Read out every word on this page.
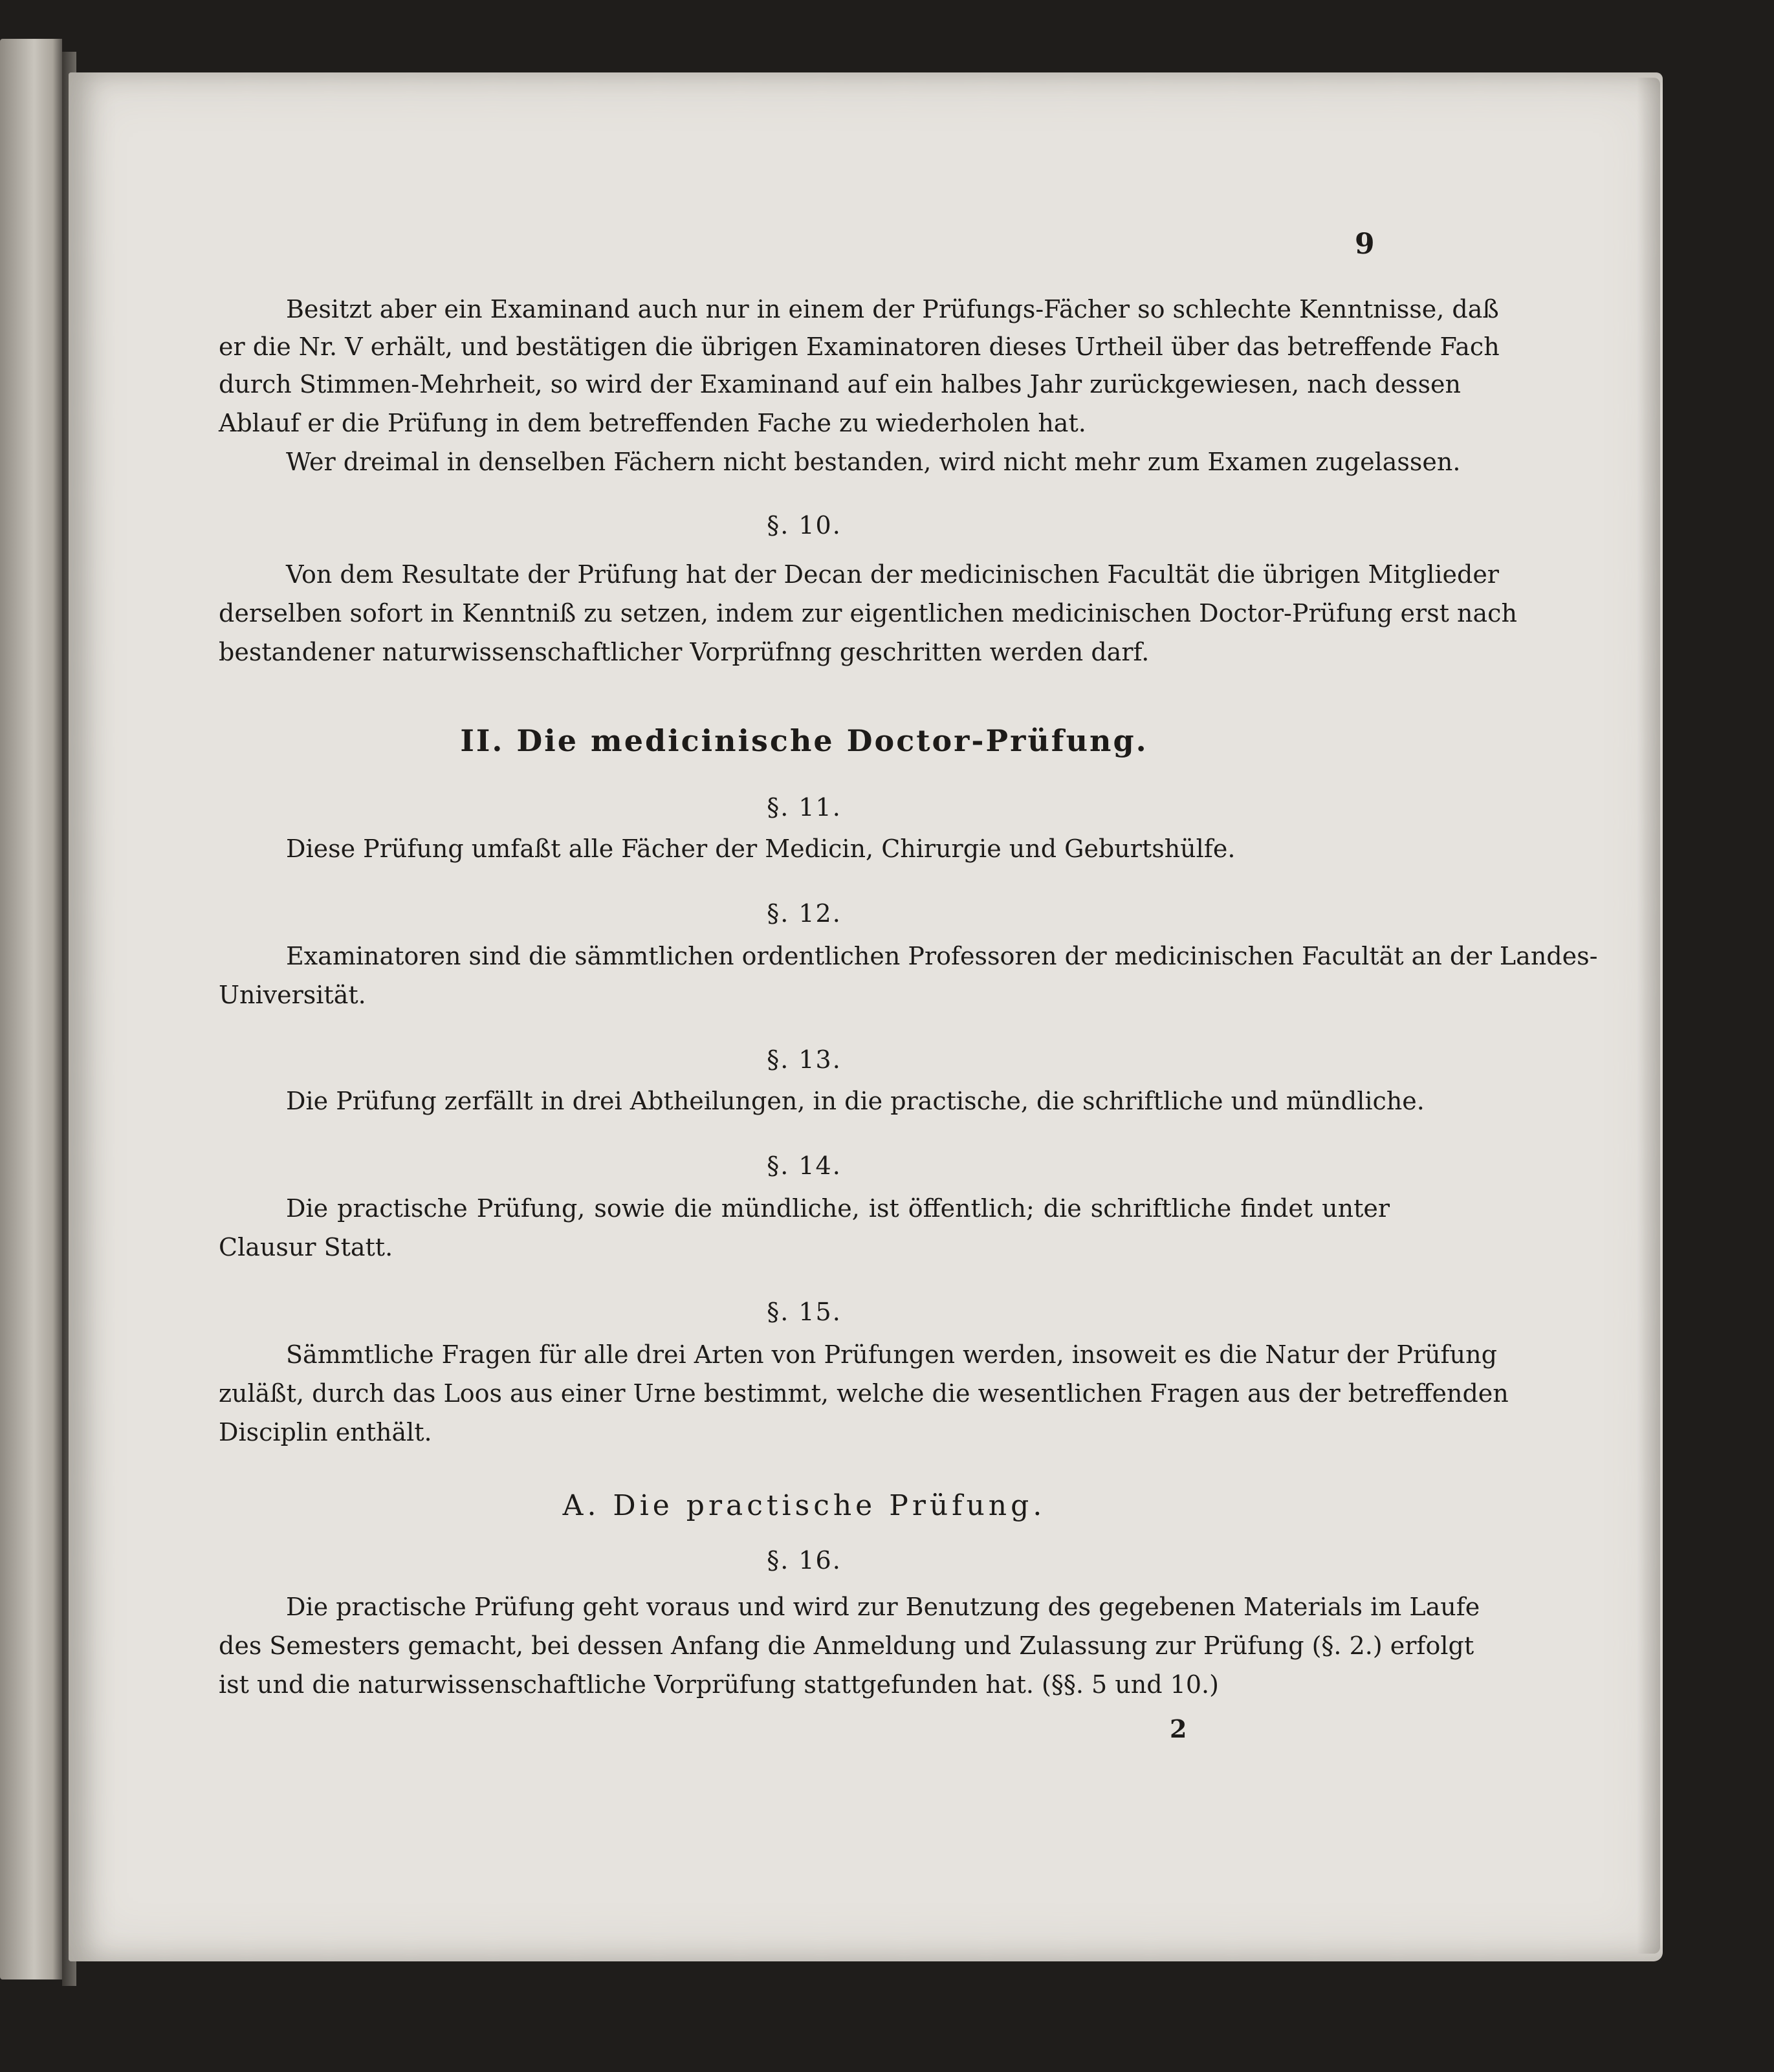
9
Besitzt aber ein Examinand auch nur in einem der Prüfungs-Fächer so schlechte Kenntnisse, daß
er die Nr. V erhält, und bestätigen die übrigen Examinatoren dieses Urtheil über das betreffende Fach
durch Stimmen-Mehrheit, so wird der Examinand auf ein halbes Jahr zurückgewiesen, nach dessen
Ablauf er die Prüfung in dem betreffenden Fache zu wiederholen hat.
Wer dreimal in denselben Fächern nicht bestanden, wird nicht mehr zum Examen zugelassen.
§. 10.
Von dem Resultate der Prüfung hat der Decan der medicinischen Facultät die übrigen Mitglieder
derselben sofort in Kenntniß zu setzen, indem zur eigentlichen medicinischen Doctor-Prüfung erst nach
bestandener naturwissenschaftlicher Vorprüfnng geschritten werden darf.
II. Die medicinische Doctor-Prüfung.
§. 11.
Diese Prüfung umfaßt alle Fächer der Medicin, Chirurgie und Geburtshülfe.
§. 12.
Examinatoren sind die sämmtlichen ordentlichen Professoren der medicinischen Facultät an der Landes-
Universität.
§. 13.
Die Prüfung zerfällt in drei Abtheilungen, in die practische, die schriftliche und mündliche.
§. 14.
Die practische Prüfung, sowie die mündliche, ist öffentlich; die schriftliche findet unter
Clausur Statt.
§. 15.
Sämmtliche Fragen für alle drei Arten von Prüfungen werden, insoweit es die Natur der Prüfung
zuläßt, durch das Loos aus einer Urne bestimmt, welche die wesentlichen Fragen aus der betreffenden
Disciplin enthält.
A. Die practische Prüfung.
§. 16.
Die practische Prüfung geht voraus und wird zur Benutzung des gegebenen Materials im Laufe
des Semesters gemacht, bei dessen Anfang die Anmeldung und Zulassung zur Prüfung (§. 2.) erfolgt
ist und die naturwissenschaftliche Vorprüfung stattgefunden hat. (§§. 5 und 10.)
2
